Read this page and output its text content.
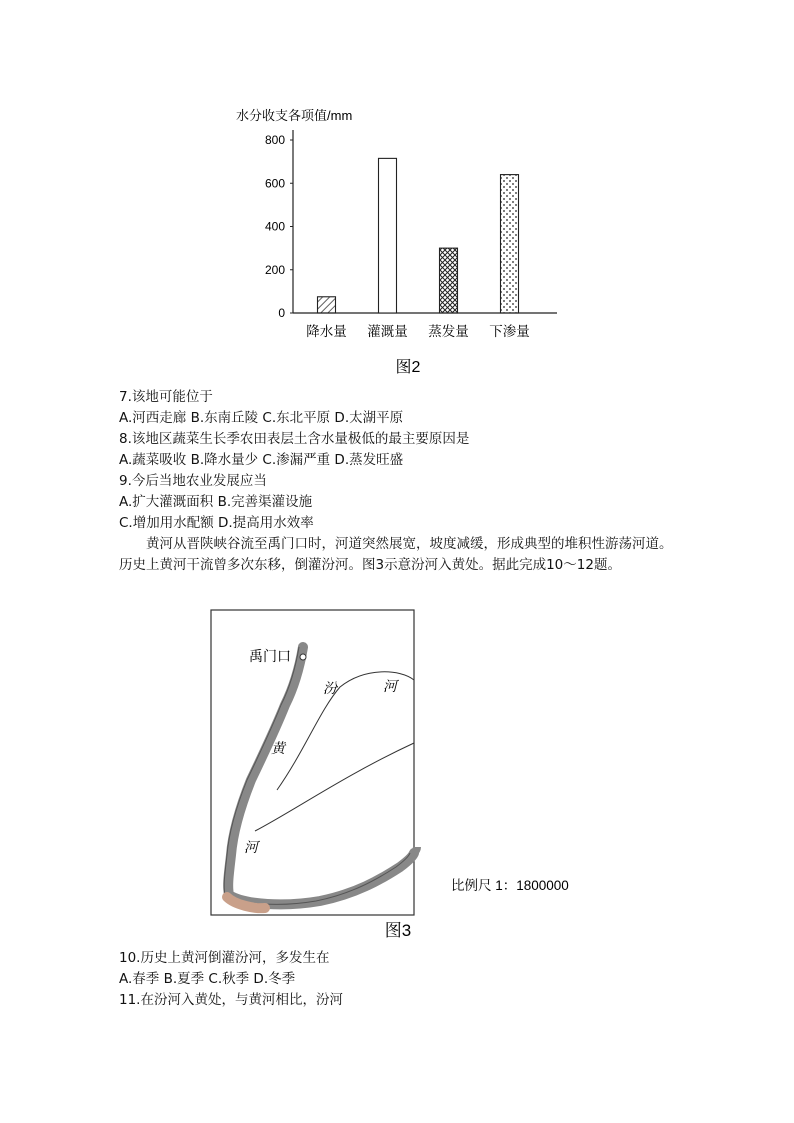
水分收支各项值/mm
0
200
400
600
800
降水量 灌溉量 蒸发量 下渗量
图2
7.该地可能位于
A.河西走廊 B.东南丘陵 C.东北平原 D.太湖平原
8.该地区蔬菜生长季农田表层土含水量极低的最主要原因是
A.蔬菜吸收 B.降水量少 C.渗漏严重 D.蒸发旺盛
9.今后当地农业发展应当
A.扩大灌溉面积 B.完善渠灌设施
C.增加用水配额 D.提高用水效率
黄河从晋陕峡谷流至禹门口时，河道突然展宽，坡度减缓，形成典型的堆积性游荡河道。历史上黄河干流曾多次东移，倒灌汾河。图3示意汾河入黄处。据此完成10～12题。
禹门口
汾	河
黄
河
比例尺 1：1800000
图3
10.历史上黄河倒灌汾河，多发生在
A.春季 B.夏季 C.秋季 D.冬季
11.在汾河入黄处，与黄河相比，汾河
